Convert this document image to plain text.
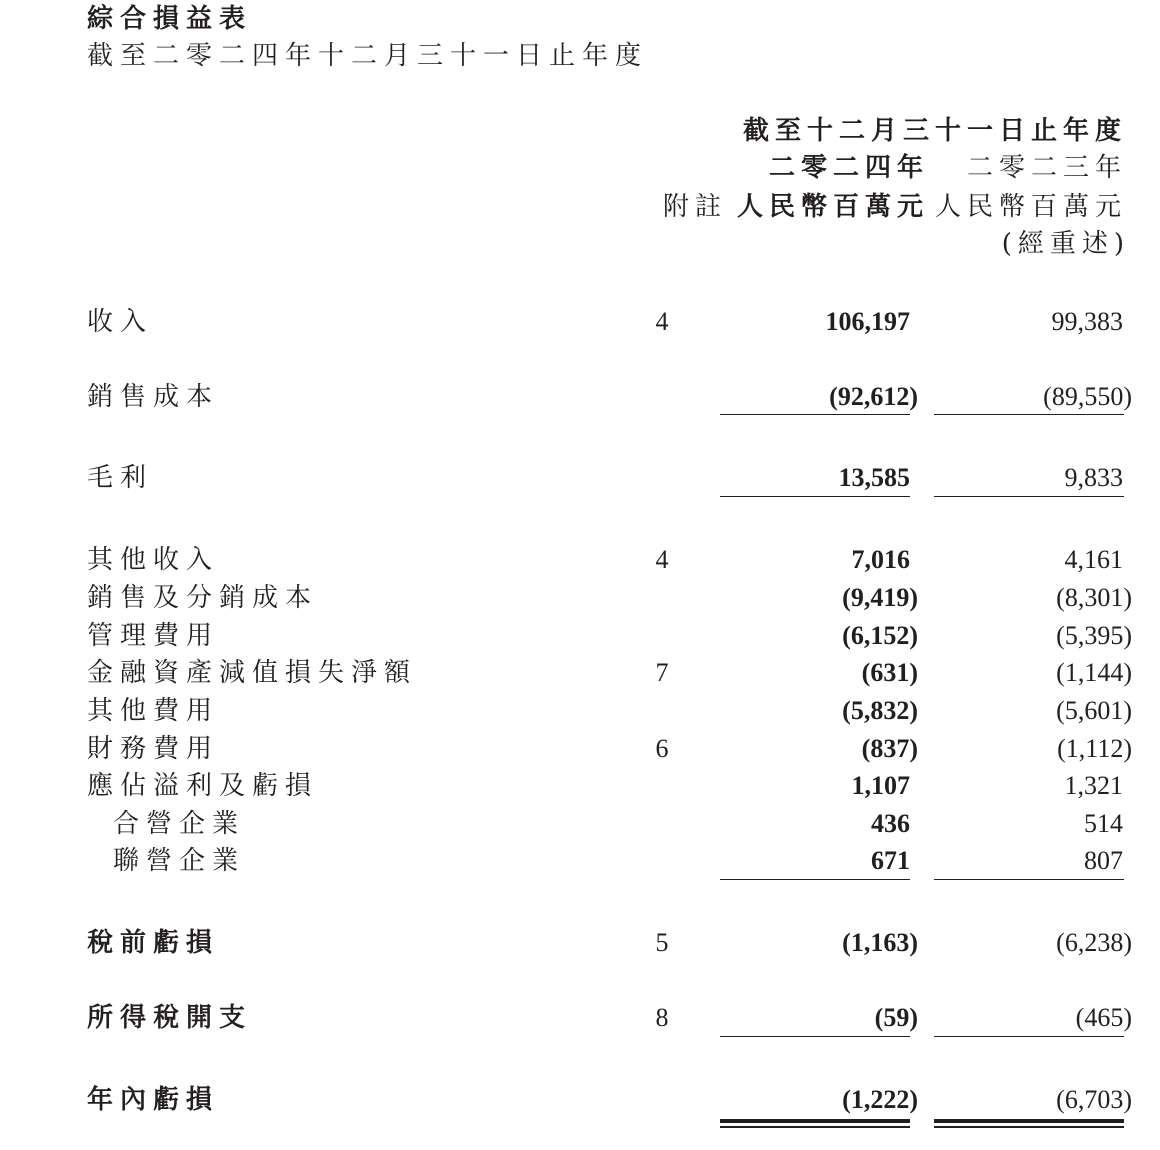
綜合損益表
截至二零二四年十二月三十一日止年度
截至十二月三十一日止年度
二零二四年 二零二三年
附註 人民幣百萬元 人民幣百萬元
(經重述)
收入	4	106,197	99,383
銷售成本	(92,612)	(89,550)
毛利	13,585	9,833
其他收入	4	7,016	4,161
銷售及分銷成本	(9,419)	(8,301)
管理費用	(6,152)	(5,395)
金融資產減值損失淨額	7	(631)	(1,144)
其他費用	(5,832)	(5,601)
財務費用	6	(837)	(1,112)
應佔溢利及虧損	1,107	1,321
合營企業	436	514
聯營企業	671	807
稅前虧損	5	(1,163)	(6,238)
所得稅開支	8	(59)	(465)
年內虧損	(1,222)	(6,703)
